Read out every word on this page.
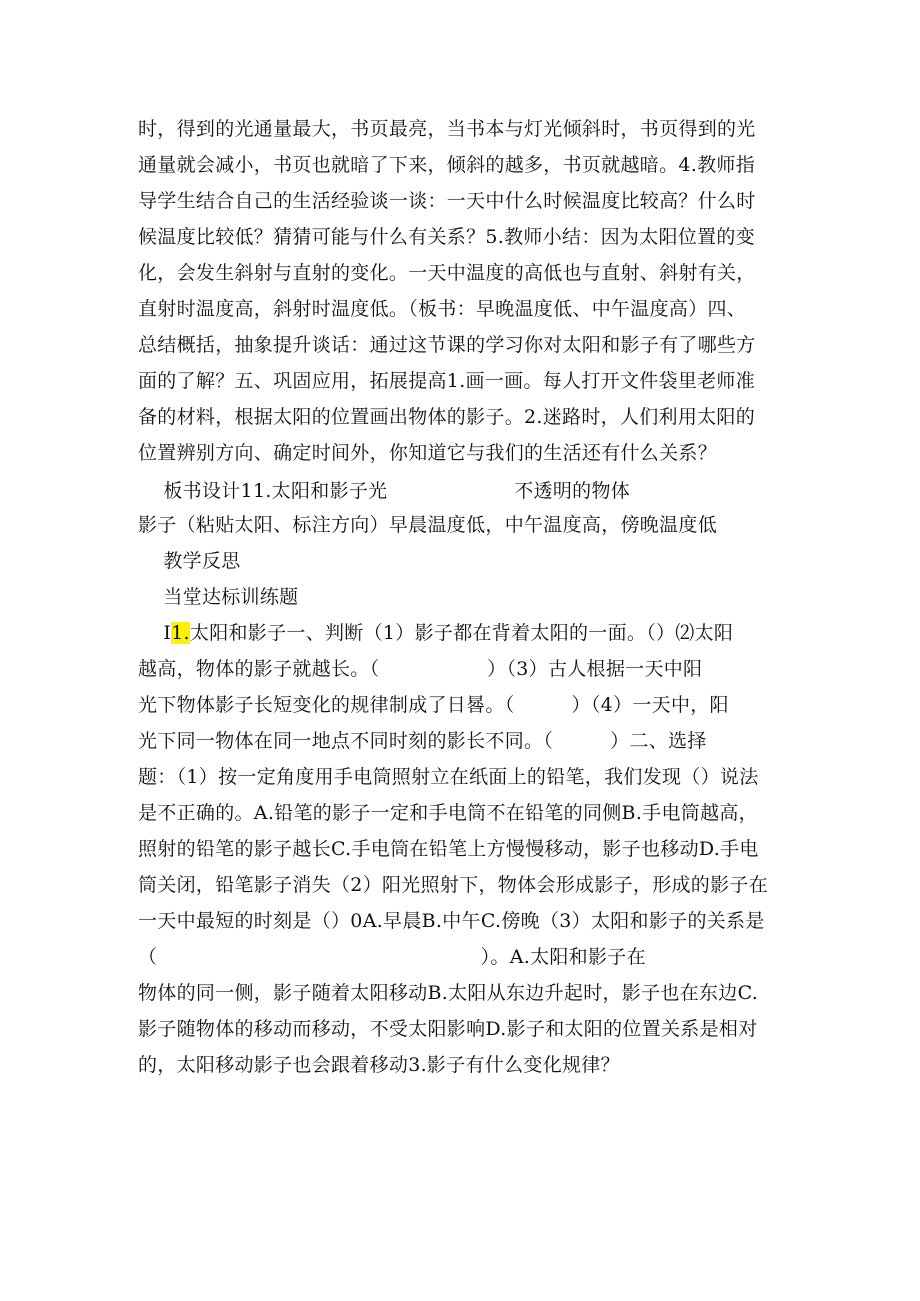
时，得到的光通量最大，书页最亮，当书本与灯光倾斜时，书页得到的光
通量就会减小，书页也就暗了下来，倾斜的越多，书页就越暗。4.教师指
导学生结合自己的生活经验谈一谈：一天中什么时候温度比较高？什么时
候温度比较低？猜猜可能与什么有关系？5.教师小结：因为太阳位置的变
化，会发生斜射与直射的变化。一天中温度的高低也与直射、斜射有关，
直射时温度高，斜射时温度低。（板书：早晚温度低、中午温度高）四、
总结概括，抽象提升谈话：通过这节课的学习你对太阳和影子有了哪些方
面的了解？五、巩固应用，拓展提高1.画一画。每人打开文件袋里老师准
备的材料，根据太阳的位置画出物体的影子。2.迷路时，人们利用太阳的
位置辨别方向、确定时间外，你知道它与我们的生活还有什么关系？
板书设计11.太阳和影子光                    不透明的物体
影子（粘贴太阳、标注方向）早晨温度低，中午温度高，傍晚温度低
教学反思
当堂达标训练题
I1.太阳和影子一、判断（1）影子都在背着太阳的一面。（）⑵太阳
越高，物体的影子就越长。（                 ）（3）古人根据一天中阳
光下物体影子长短变化的规律制成了日晷。（         ）（4）一天中，阳
光下同一物体在同一地点不同时刻的影长不同。（         ）二、选择
题：（1）按一定角度用手电筒照射立在纸面上的铅笔，我们发现（）说法
是不正确的。A.铅笔的影子一定和手电筒不在铅笔的同侧B.手电筒越高，
照射的铅笔的影子越长C.手电筒在铅笔上方慢慢移动，影子也移动D.手电
筒关闭，铅笔影子消失（2）阳光照射下，物体会形成影子，形成的影子在
一天中最短的时刻是（）0A.早晨B.中午C.傍晚（3）太阳和影子的关系是
（                                                   ）。A.太阳和影子在
物体的同一侧，影子随着太阳移动B.太阳从东边升起时，影子也在东边C.
影子随物体的移动而移动，不受太阳影响D.影子和太阳的位置关系是相对
的，太阳移动影子也会跟着移动3.影子有什么变化规律？
